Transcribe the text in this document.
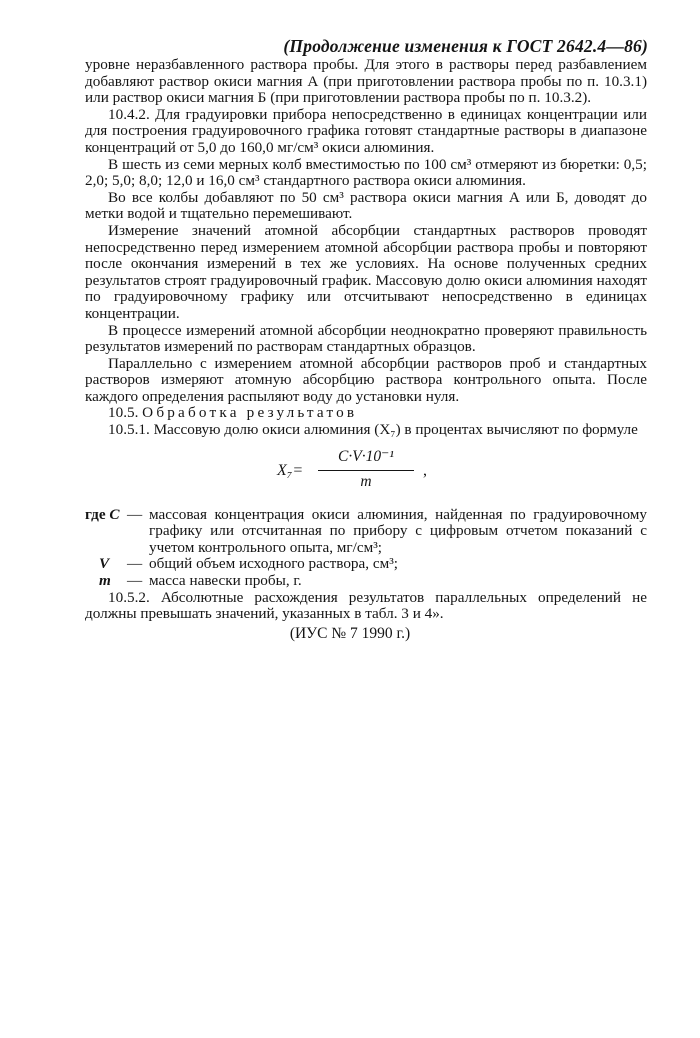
(Продолжение изменения к ГОСТ 2642.4—86)

уровне неразбавленного раствора пробы. Для этого в растворы перед разбавлением добавляют раствор окиси магния А (при приготовлении раствора пробы по п. 10.3.1) или раствор окиси магния Б (при приготовлении раствора пробы по п. 10.3.2).

10.4.2. Для градуировки прибора непосредственно в единицах концентрации или для построения градуировочного графика готовят стандартные растворы в диапазоне концентраций от 5,0 до 160,0 мг/см³ окиси алюминия.

В шесть из семи мерных колб вместимостью по 100 см³ отмеряют из бюретки: 0,5; 2,0; 5,0; 8,0; 12,0 и 16,0 см³ стандартного раствора окиси алюминия.

Во все колбы добавляют по 50 см³ раствора окиси магния А или Б, доводят до метки водой и тщательно перемешивают.

Измерение значений атомной абсорбции стандартных растворов проводят непосредственно перед измерением атомной абсорбции раствора пробы и повторяют после окончания измерений в тех же условиях. На основе полученных средних результатов строят градуировочный график. Массовую долю окиси алюминия находят по градуировочному графику или отсчитывают непосредственно в единицах концентрации.

В процессе измерений атомной абсорбции неоднократно проверяют правильность результатов измерений по растворам стандартных образцов.

Параллельно с измерением атомной абсорбции растворов проб и стандартных растворов измеряют атомную абсорбцию раствора контрольного опыта. После каждого определения распыляют воду до установки нуля.

10.5. Обработка результатов

10.5.1. Массовую долю окиси алюминия (X₇) в процентах вычисляют по формуле

X₇=
C·V·10⁻¹
m
,
где C — массовая концентрация окиси алюминия, найденная по градуировочному графику или отсчитанная по прибору с цифровым отчетом показаний с учетом контрольного опыта, мг/см³;
V	— общий объем исходного раствора, см³;
m	— масса навески пробы, г.

10.5.2. Абсолютные расхождения результатов параллельных определений не должны превышать значений, указанных в табл. 3 и 4».

(ИУС № 7 1990 г.)
